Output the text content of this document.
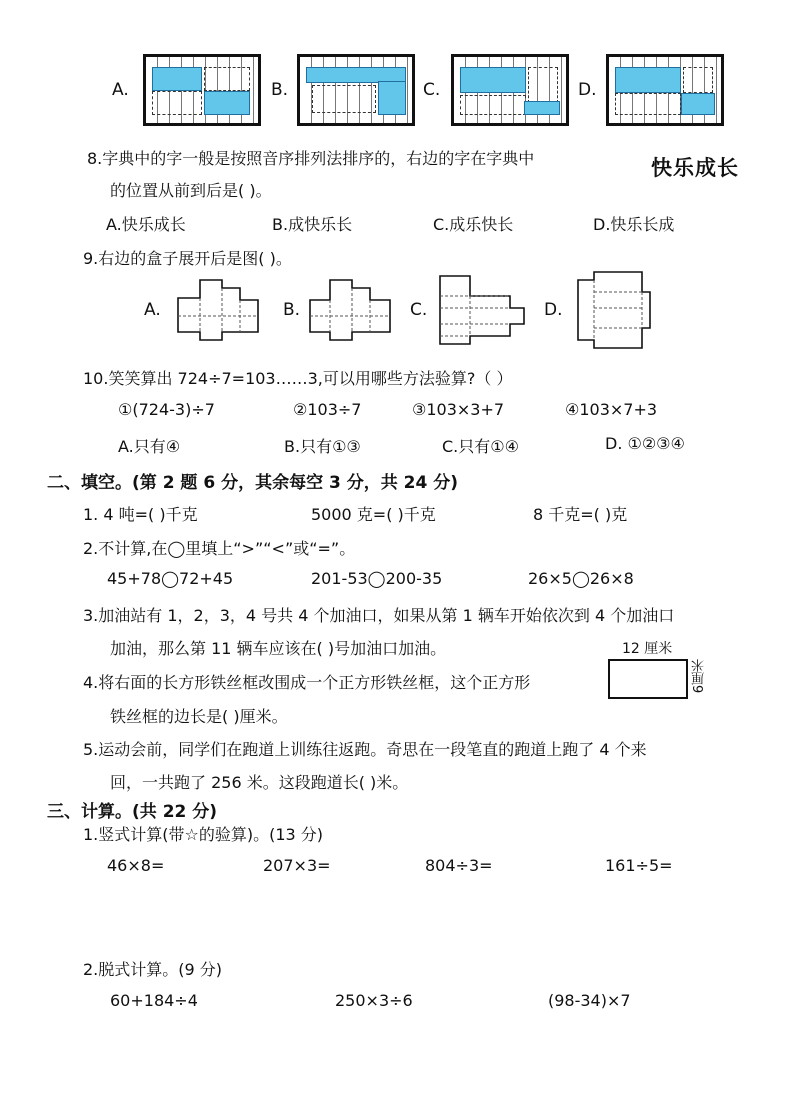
A.	B.	C.	D.
8.字典中的字一般是按照音序排列法排序的，右边的字在字典中	快乐成长
的位置从前到后是( )。
A.快乐成长	B.成快乐长	C.成乐快长	D.快乐长成
9.右边的盒子展开后是图( )。
A.	B.	C.	D.
10.笑笑算出 724÷7=103……3,可以用哪些方法验算?（ ）
①(724-3)÷7	②103÷7	③103×3+7	④103×7+3
A.只有④	B.只有①③	C.只有①④	D. ①②③④
二、填空。(第 2 题 6 分，其余每空 3 分，共 24 分)
1. 4 吨=( )千克	5000 克=( )千克	8 千克=( )克
2.不计算,在◯里填上“>”“<”或“=”。
45+78◯72+45	201-53◯200-35	26×5◯26×8
3.加油站有 1，2，3，4 号共 4 个加油口，如果从第 1 辆车开始依次到 4 个加油口
加油，那么第 11 辆车应该在( )号加油口加油。
4.将右面的长方形铁丝框改围成一个正方形铁丝框，这个正方形
铁丝框的边长是( )厘米。
12 厘米
6厘米
5.运动会前，同学们在跑道上训练往返跑。奇思在一段笔直的跑道上跑了 4 个来
回，一共跑了 256 米。这段跑道长( )米。
三、计算。(共 22 分)
1.竖式计算(带☆的验算)。(13 分)
46×8=	207×3=	804÷3=	161÷5=
2.脱式计算。(9 分)
60+184÷4	250×3÷6	(98-34)×7
